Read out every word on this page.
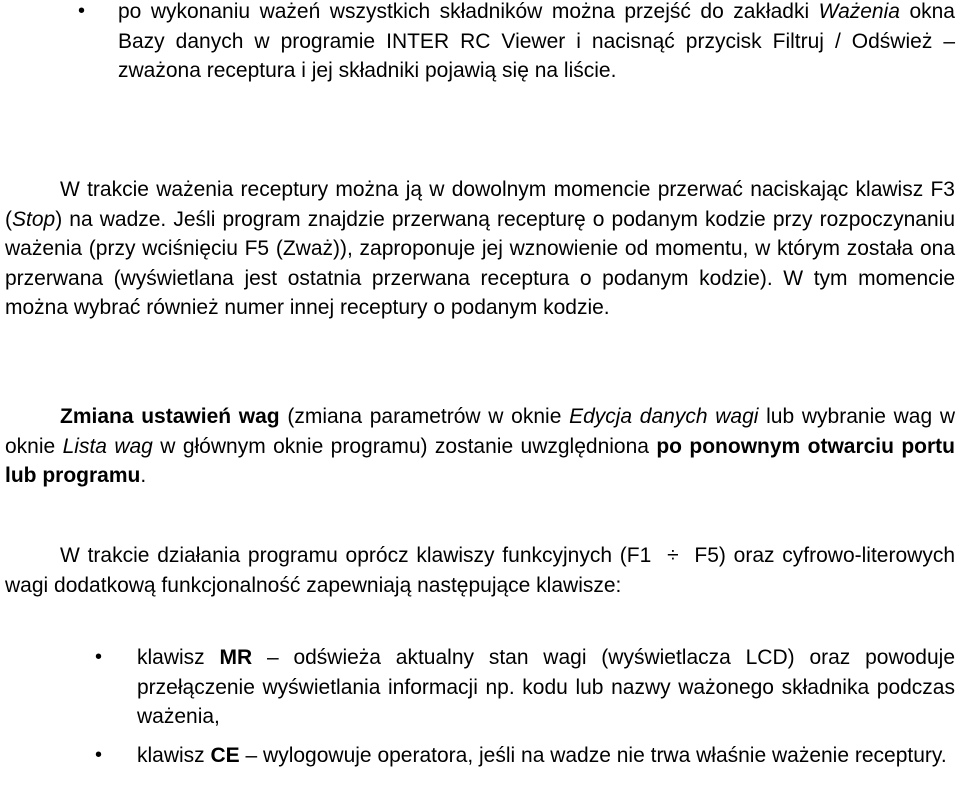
•	po wykonaniu ważeń wszystkich składników można przejść do zakładki Ważenia okna Bazy danych w programie INTER RC Viewer i nacisnąć przycisk Filtruj / Odśwież – zważona receptura i jej składniki pojawią się na liście.

W trakcie ważenia receptury można ją w dowolnym momencie przerwać naciskając klawisz F3 (Stop) na wadze. Jeśli program znajdzie przerwaną recepturę o podanym kodzie przy rozpoczynaniu ważenia (przy wciśnięciu F5 (Zważ)), zaproponuje jej wznowienie od momentu, w którym została ona przerwana (wyświetlana jest ostatnia przerwana receptura o podanym kodzie). W tym momencie można wybrać również numer innej receptury o podanym kodzie.

Zmiana ustawień wag (zmiana parametrów w oknie Edycja danych wagi lub wybranie wag w oknie Lista wag w głównym oknie programu) zostanie uwzględniona po ponownym otwarciu portu lub programu.

W trakcie działania programu oprócz klawiszy funkcyjnych (F1 ÷ F5) oraz cyfrowo-literowych wagi dodatkową funkcjonalność zapewniają następujące klawisze:

•	klawisz MR – odświeża aktualny stan wagi (wyświetlacza LCD) oraz powoduje przełączenie wyświetlania informacji np. kodu lub nazwy ważonego składnika podczas ważenia,
•	klawisz CE – wylogowuje operatora, jeśli na wadze nie trwa właśnie ważenie receptury.
